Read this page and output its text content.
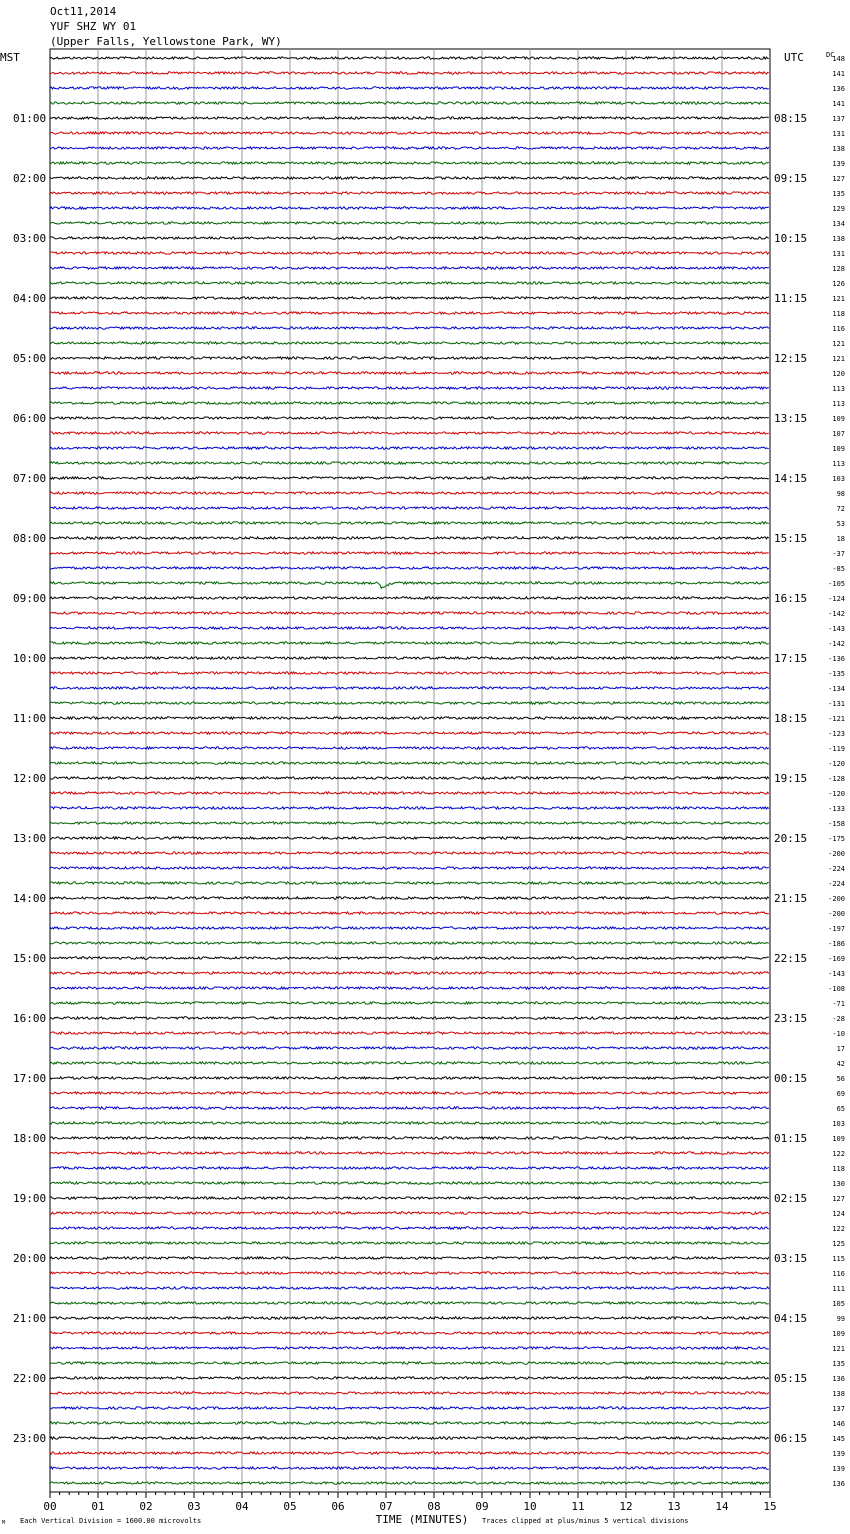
Oct11,2014
YUF SHZ WY 01
(Upper Falls, Yellowstone Park, WY)
MST	UTC	DC
01:00
02:00
03:00
04:00
05:00
06:00
07:00
08:00
09:00
10:00
11:00
12:00
13:00
14:00
15:00
16:00
17:00
18:00
19:00
20:00
21:00
22:00
23:00
08:15
09:15
10:15
11:15
12:15
13:15
14:15
15:15
16:15
17:15
18:15
19:15
20:15
21:15
22:15
23:15
00:15
01:15
02:15
03:15
04:15
05:15
06:15
148
141
136
141
137
131
138
139
127
135
129
134
138
131
128
126
121
118
116
121
121
120
113
113
109
107
109
113
103
98
72
53
18
-37
-85
-105
-124
-142
-143
-142
-136
-135
-134
-131
-121
-123
-119
-120
-128
-120
-133
-158
-175
-200
-224
-224
-200
-200
-197
-186
-169
-143
-108
-71
-28
-10
17
42
56
69
65
103
109
122
118
130
127
124
122
125
115
116
111
105
99
109
121
135
136
138
137
146
145
139
139
136
00	01	02	03	04	05	06	07	08	09	10	11	12	13	14	15
TIME (MINUTES)
Each Vertical Division = 1600.00 microvolts	Traces clipped at plus/minus 5 vertical divisions
M
